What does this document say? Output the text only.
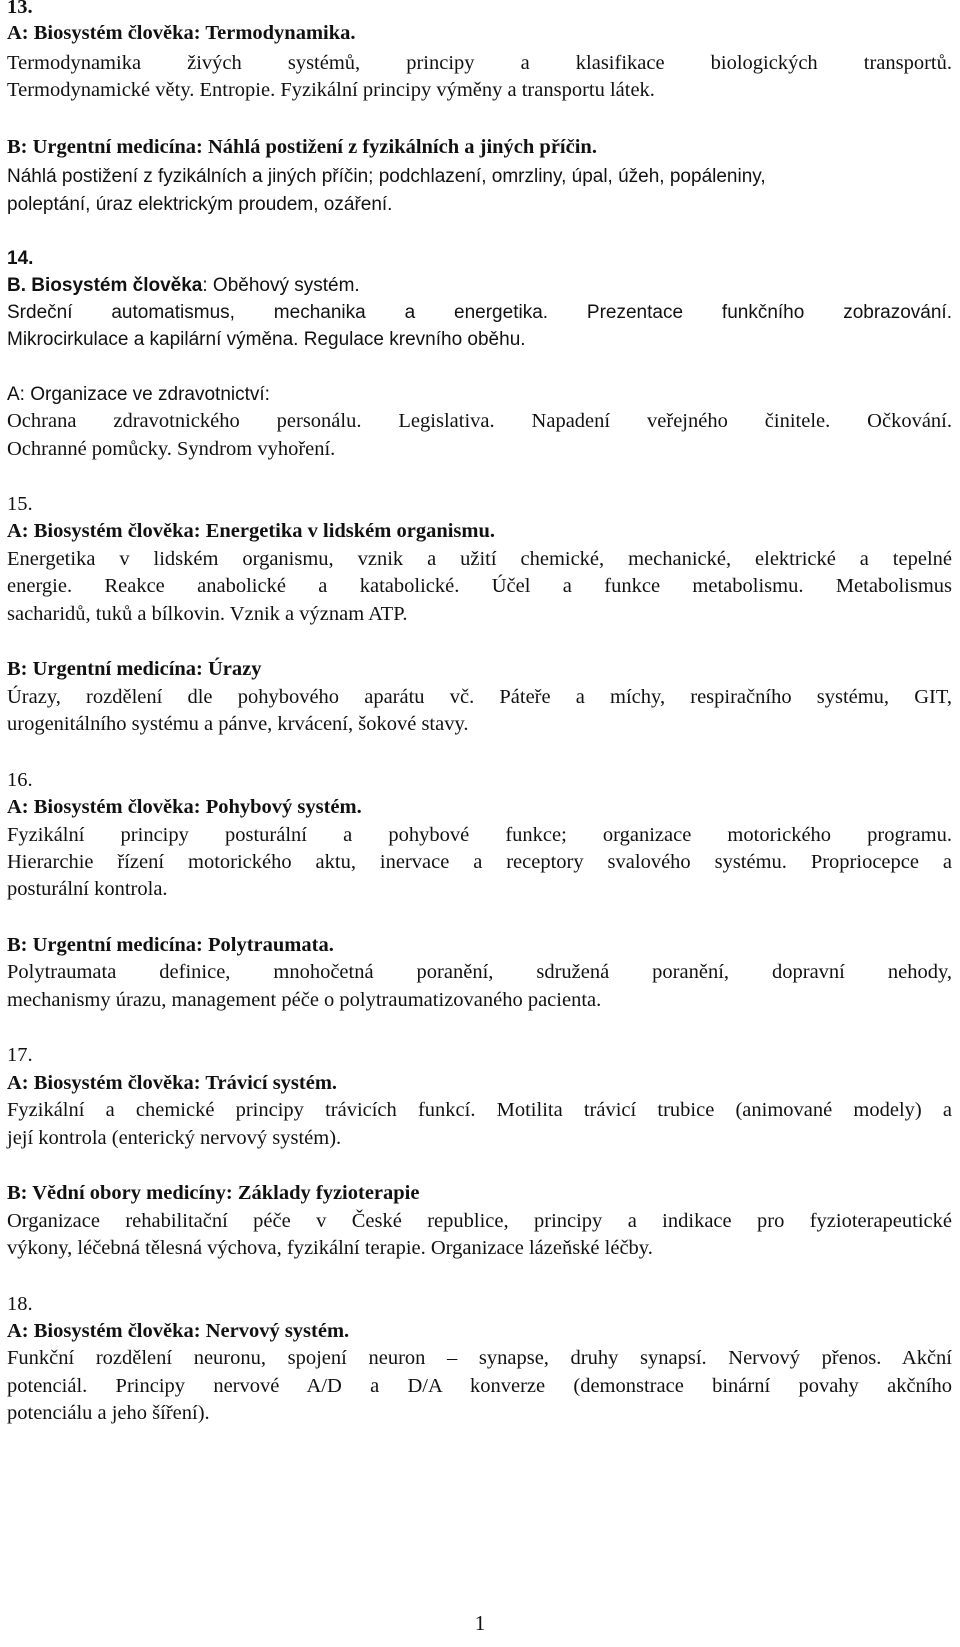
13.
A: Biosystém člověka: Termodynamika.
Termodynamika živých systémů, principy a klasifikace biologických transportů.
Termodynamické věty. Entropie. Fyzikální principy výměny a transportu látek.
B: Urgentní medicína: Náhlá postižení z fyzikálních a jiných příčin.
Náhlá postižení z fyzikálních a jiných příčin; podchlazení, omrzliny, úpal, úžeh, popáleniny,
poleptání, úraz elektrickým proudem, ozáření.
14.
B. Biosystém člověka: Oběhový systém.
Srdeční automatismus, mechanika a energetika. Prezentace funkčního zobrazování.
Mikrocirkulace a kapilární výměna. Regulace krevního oběhu.
A: Organizace ve zdravotnictví:
Ochrana zdravotnického personálu. Legislativa. Napadení veřejného činitele. Očkování.
Ochranné pomůcky. Syndrom vyhoření.
15.
A: Biosystém člověka: Energetika v lidském organismu.
Energetika v lidském organismu, vznik a užití chemické, mechanické, elektrické a tepelné
energie. Reakce anabolické a katabolické. Účel a funkce metabolismu. Metabolismus
sacharidů, tuků a bílkovin. Vznik a význam ATP.
B: Urgentní medicína: Úrazy
Úrazy, rozdělení dle pohybového aparátu vč. Páteře a míchy, respiračního systému, GIT,
urogenitálního systému a pánve, krvácení, šokové stavy.
16.
A: Biosystém člověka: Pohybový systém.
Fyzikální principy posturální a pohybové funkce; organizace motorického programu.
Hierarchie řízení motorického aktu, inervace a receptory svalového systému. Propriocepce a
posturální kontrola.
B: Urgentní medicína: Polytraumata.
Polytraumata definice, mnohočetná poranění, sdružená poranění, dopravní nehody,
mechanismy úrazu, management péče o polytraumatizovaného pacienta.
17.
A: Biosystém člověka: Trávicí systém.
Fyzikální a chemické principy trávicích funkcí. Motilita trávicí trubice (animované modely) a
její kontrola (enterický nervový systém).
B: Vědní obory medicíny: Základy fyzioterapie
Organizace rehabilitační péče v České republice, principy a indikace pro fyzioterapeutické
výkony, léčebná tělesná výchova, fyzikální terapie. Organizace lázeňské léčby.
18.
A: Biosystém člověka: Nervový systém.
Funkční rozdělení neuronu, spojení neuron – synapse, druhy synapsí. Nervový přenos. Akční
potenciál. Principy nervové A/D a D/A konverze (demonstrace binární povahy akčního
potenciálu a jeho šíření).
1
